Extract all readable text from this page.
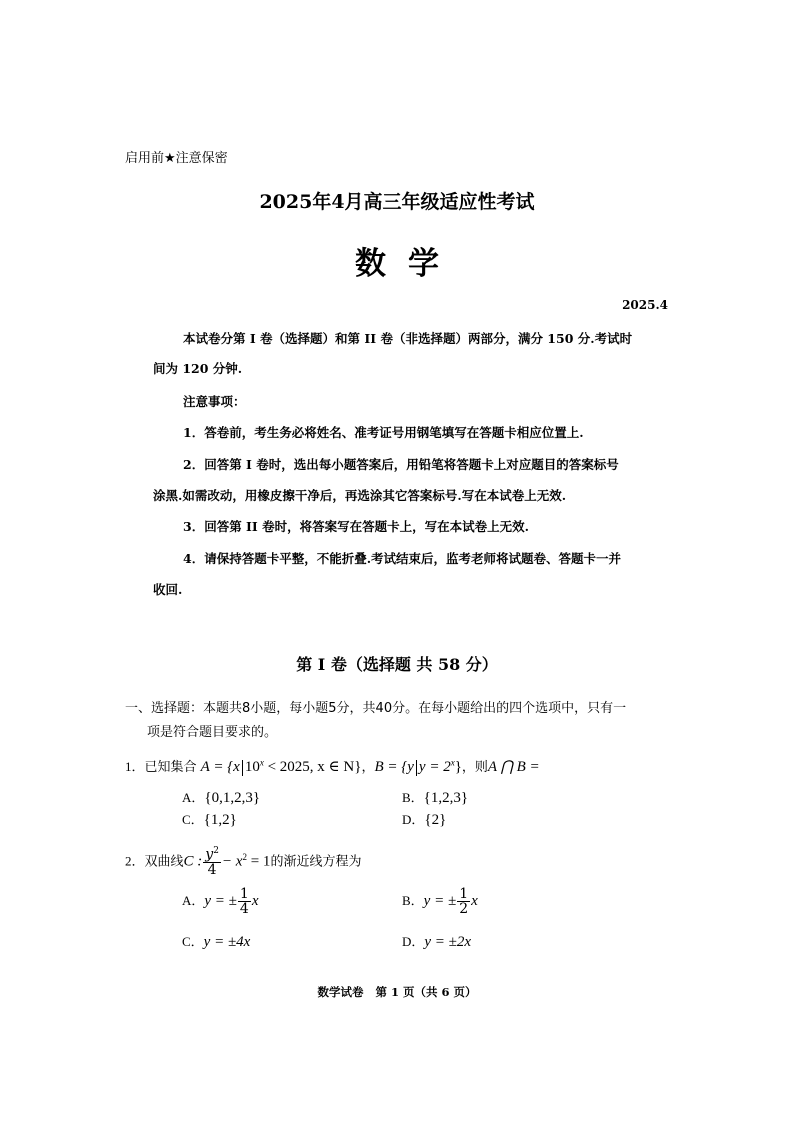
启用前★注意保密
2025年4月高三年级适应性考试
数学
2025.4
本试卷分第 I 卷（选择题）和第 II 卷（非选择题）两部分，满分 150 分.考试时
间为 120 分钟.
注意事项：
1．答卷前，考生务必将姓名、准考证号用钢笔填写在答题卡相应位置上.
2．回答第 I 卷时，选出每小题答案后，用铅笔将答题卡上对应题目的答案标号
涂黑.如需改动，用橡皮擦干净后，再选涂其它答案标号.写在本试卷上无效.
3．回答第 II 卷时，将答案写在答题卡上，写在本试卷上无效.
4．请保持答题卡平整，不能折叠.考试结束后，监考老师将试题卷、答题卡一并
收回.
第 I 卷（选择题 共 58 分）
一、选择题：本题共8小题，每小题5分，共40分。在每小题给出的四个选项中，只有一
项是符合题目要求的。
1．已知集合 A = {x $10^x < 2025$, x ∈ N}，B = {y $y = 2^x$}，则A ⋂ B =
A．{0,1,2,3}	B．{1,2,3}
C．{1,2}	D．{2}
2．双曲线C : $\frac{y^2}{4} - x^2 = 1$的渐近线方程为
A．y = ± $\frac{1}{4}$ x	B．y = ± $\frac{1}{2}$ x
C．y = ±4x	D．y = ±2x
数学试卷 第 1 页（共 6 页）
